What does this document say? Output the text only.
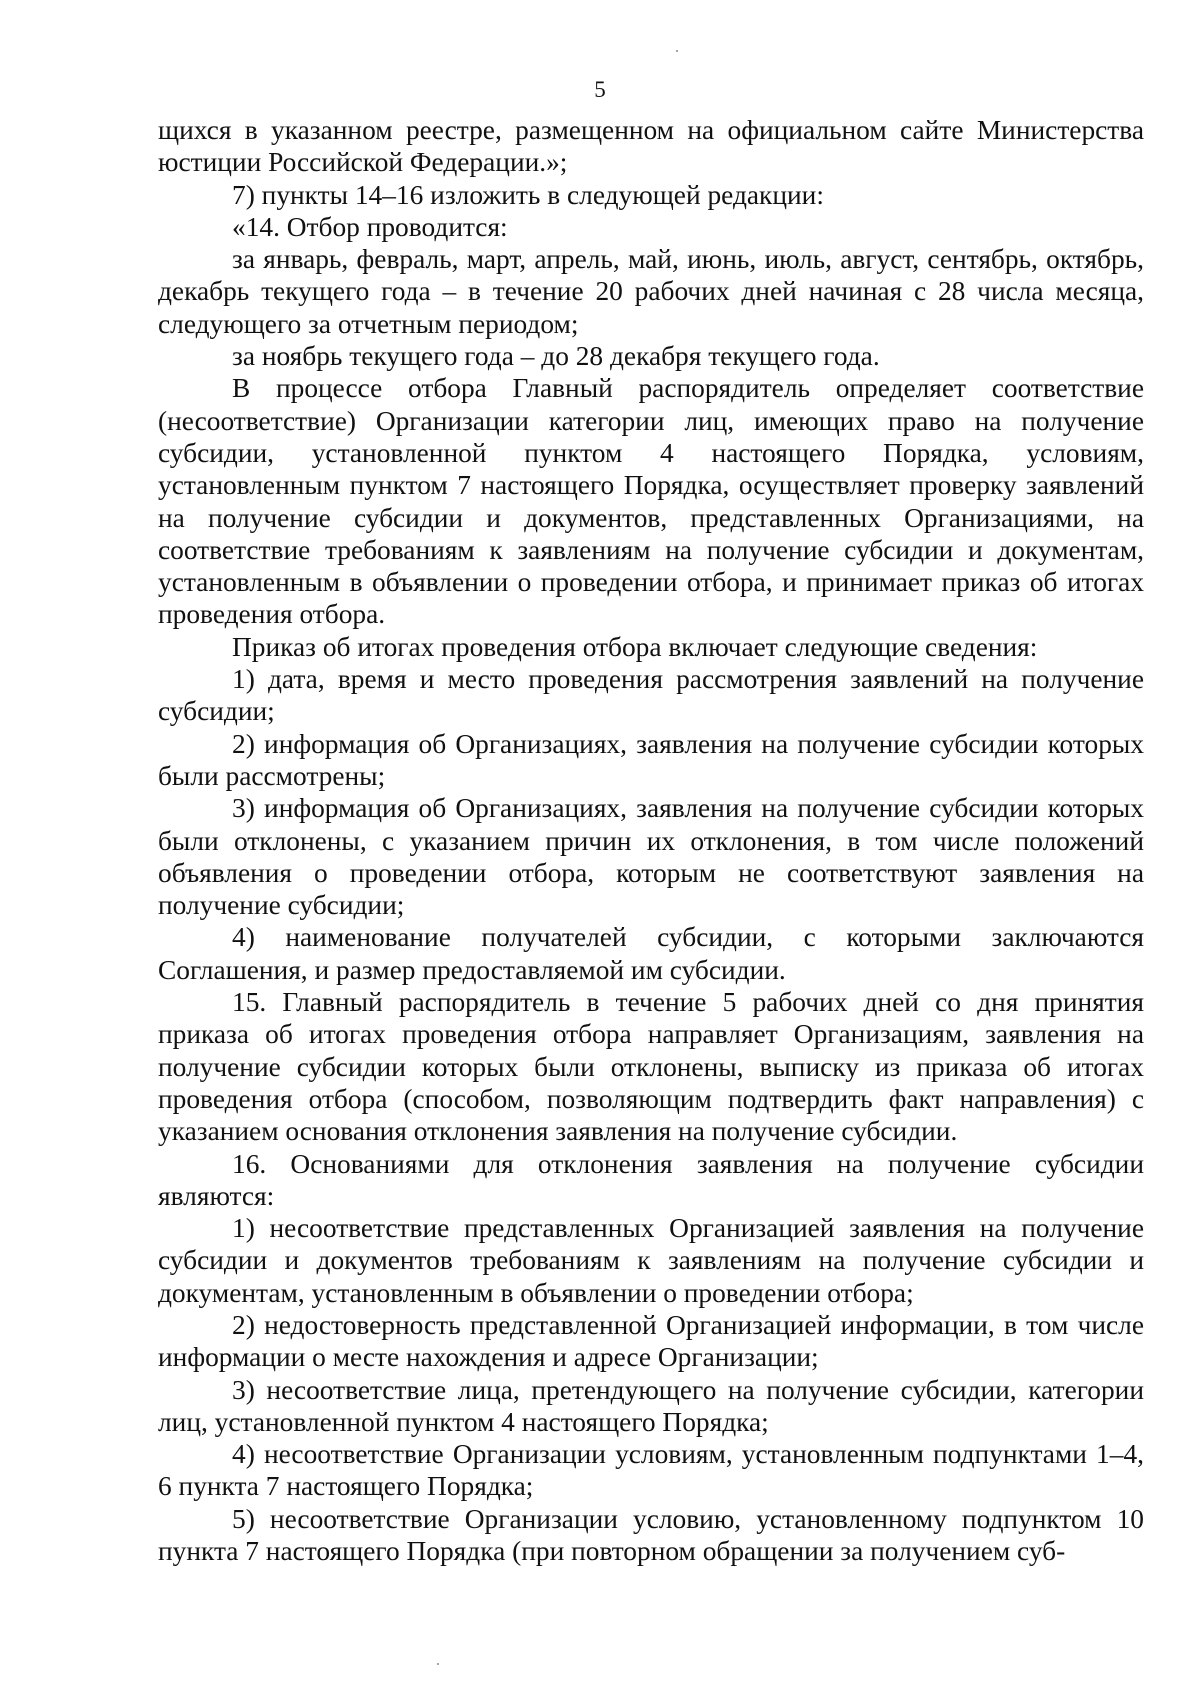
5

щихся в указанном реестре, размещенном на официальном сайте Министерства юстиции Российской Федерации.»;

7) пункты 14–16 изложить в следующей редакции:

«14. Отбор проводится:

за январь, февраль, март, апрель, май, июнь, июль, август, сентябрь, октябрь, декабрь текущего года – в течение 20 рабочих дней начиная с 28 числа месяца, следующего за отчетным периодом;

за ноябрь текущего года – до 28 декабря текущего года.

В процессе отбора Главный распорядитель определяет соответствие (несоответствие) Организации категории лиц, имеющих право на получение субсидии, установленной пунктом 4 настоящего Порядка, условиям, установленным пунктом 7 настоящего Порядка, осуществляет проверку заявлений на получение субсидии и документов, представленных Организациями, на соответствие требованиям к заявлениям на получение субсидии и документам, установленным в объявлении о проведении отбора, и принимает приказ об итогах проведения отбора.

Приказ об итогах проведения отбора включает следующие сведения:

1) дата, время и место проведения рассмотрения заявлений на получение субсидии;

2) информация об Организациях, заявления на получение субсидии которых были рассмотрены;

3) информация об Организациях, заявления на получение субсидии которых были отклонены, с указанием причин их отклонения, в том числе положений объявления о проведении отбора, которым не соответствуют заявления на получение субсидии;

4) наименование получателей субсидии, с которыми заключаются Соглашения, и размер предоставляемой им субсидии.

15. Главный распорядитель в течение 5 рабочих дней со дня принятия приказа об итогах проведения отбора направляет Организациям, заявления на получение субсидии которых были отклонены, выписку из приказа об итогах проведения отбора (способом, позволяющим подтвердить факт направления) с указанием основания отклонения заявления на получение субсидии.

16. Основаниями для отклонения заявления на получение субсидии являются:

1) несоответствие представленных Организацией заявления на получение субсидии и документов требованиям к заявлениям на получение субсидии и документам, установленным в объявлении о проведении отбора;

2) недостоверность представленной Организацией информации, в том числе информации о месте нахождения и адресе Организации;

3) несоответствие лица, претендующего на получение субсидии, категории лиц, установленной пунктом 4 настоящего Порядка;

4) несоответствие Организации условиям, установленным подпунктами 1–4, 6 пункта 7 настоящего Порядка;

5) несоответствие Организации условию, установленному подпунктом 10 пункта 7 настоящего Порядка (при повторном обращении за получением суб-
